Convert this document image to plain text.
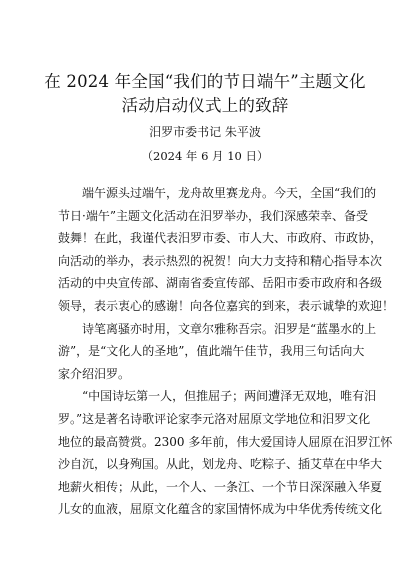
在 2024 年全国“我们的节日端午”主题文化
活动启动仪式上的致辞

汨罗市委书记 朱平波

（2024 年 6 月 10 日）

端午源头过端午，龙舟故里赛龙舟。今天，全国“我们的
节日·端午”主题文化活动在汨罗举办，我们深感荣幸、备受
鼓舞！在此，我谨代表汨罗市委、市人大、市政府、市政协，
向活动的举办，表示热烈的祝贺！向大力支持和精心指导本次
活动的中央宣传部、湖南省委宣传部、岳阳市委市政府和各级
领导，表示衷心的感谢！向各位嘉宾的到来，表示诚挚的欢迎！
诗笔离骚亦时用，文章尔雅称吾宗。汨罗是“蓝墨水的上
游”，是“文化人的圣地”，值此端午佳节，我用三句话向大
家介绍汨罗。
“中国诗坛第一人，但推屈子；两间遭泽无双地，唯有汨
罗。”这是著名诗歌评论家李元洛对屈原文学地位和汨罗文化
地位的最高赞赏。2300 多年前，伟大爱国诗人屈原在汨罗江怀
沙自沉，以身殉国。从此，划龙舟、吃粽子、插艾草在中华大
地薪火相传；从此，一个人、一条江、一个节日深深融入华夏
儿女的血液，屈原文化蕴含的家国情怀成为中华优秀传统文化
